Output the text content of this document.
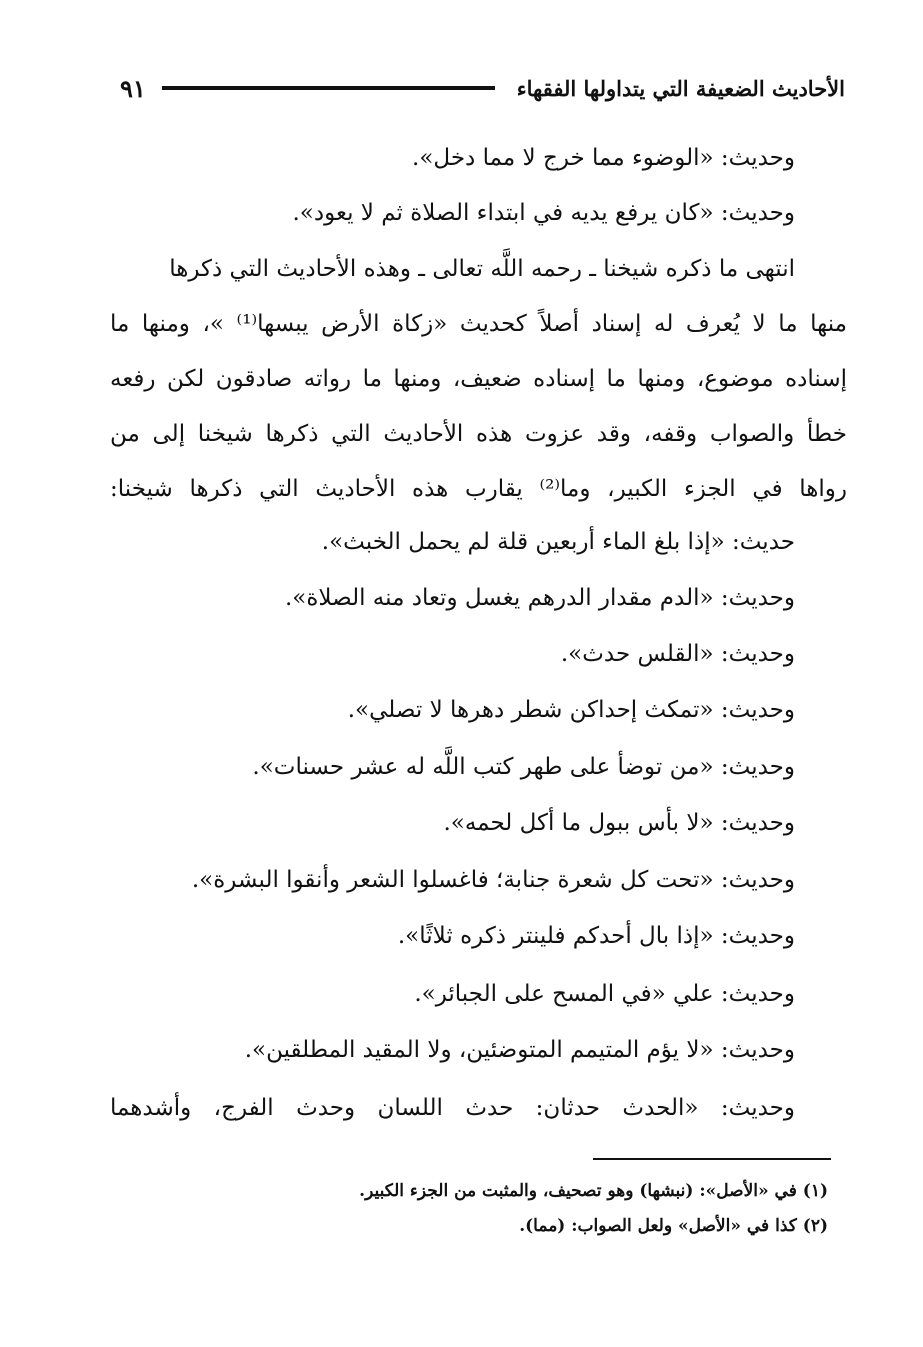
الأحاديث الضعيفة التي يتداولها الفقهاء
٩١
وحديث: «الوضوء مما خرج لا مما دخل».
وحديث: «كان يرفع يديه في ابتداء الصلاة ثم لا يعود».
انتهى ما ذكره شيخنا ـ رحمه اللَّه تعالى ـ وهذه الأحاديث التي ذكرها
منها ما لا يُعرف له إسناد أصلاً كحديث «زكاة الأرض يبسها⁽¹⁾ »، ومنها ما
إسناده موضوع، ومنها ما إسناده ضعيف، ومنها ما رواته صادقون لكن رفعه
خطأ والصواب وقفه، وقد عزوت هذه الأحاديث التي ذكرها شيخنا إلى من
رواها في الجزء الكبير، وما⁽²⁾ يقارب هذه الأحاديث التي ذكرها شيخنا:
حديث: «إذا بلغ الماء أربعين قلة لم يحمل الخبث».
وحديث: «الدم مقدار الدرهم يغسل وتعاد منه الصلاة».
وحديث: «القلس حدث».
وحديث: «تمكث إحداكن شطر دهرها لا تصلي».
وحديث: «من توضأ على طهر كتب اللَّه له عشر حسنات».
وحديث: «لا بأس ببول ما أكل لحمه».
وحديث: «تحت كل شعرة جنابة؛ فاغسلوا الشعر وأنقوا البشرة».
وحديث: «إذا بال أحدكم فلينتر ذكره ثلاثًا».
وحديث: علي «في المسح على الجبائر».
وحديث: «لا يؤم المتيمم المتوضئين، ولا المقيد المطلقين».
وحديث: «الحدث حدثان: حدث اللسان وحدث الفرج، وأشدهما
(١) في «الأصل»: (نبشها) وهو تصحيف، والمثبت من الجزء الكبير.
(٢) كذا في «الأصل» ولعل الصواب: (مما).
